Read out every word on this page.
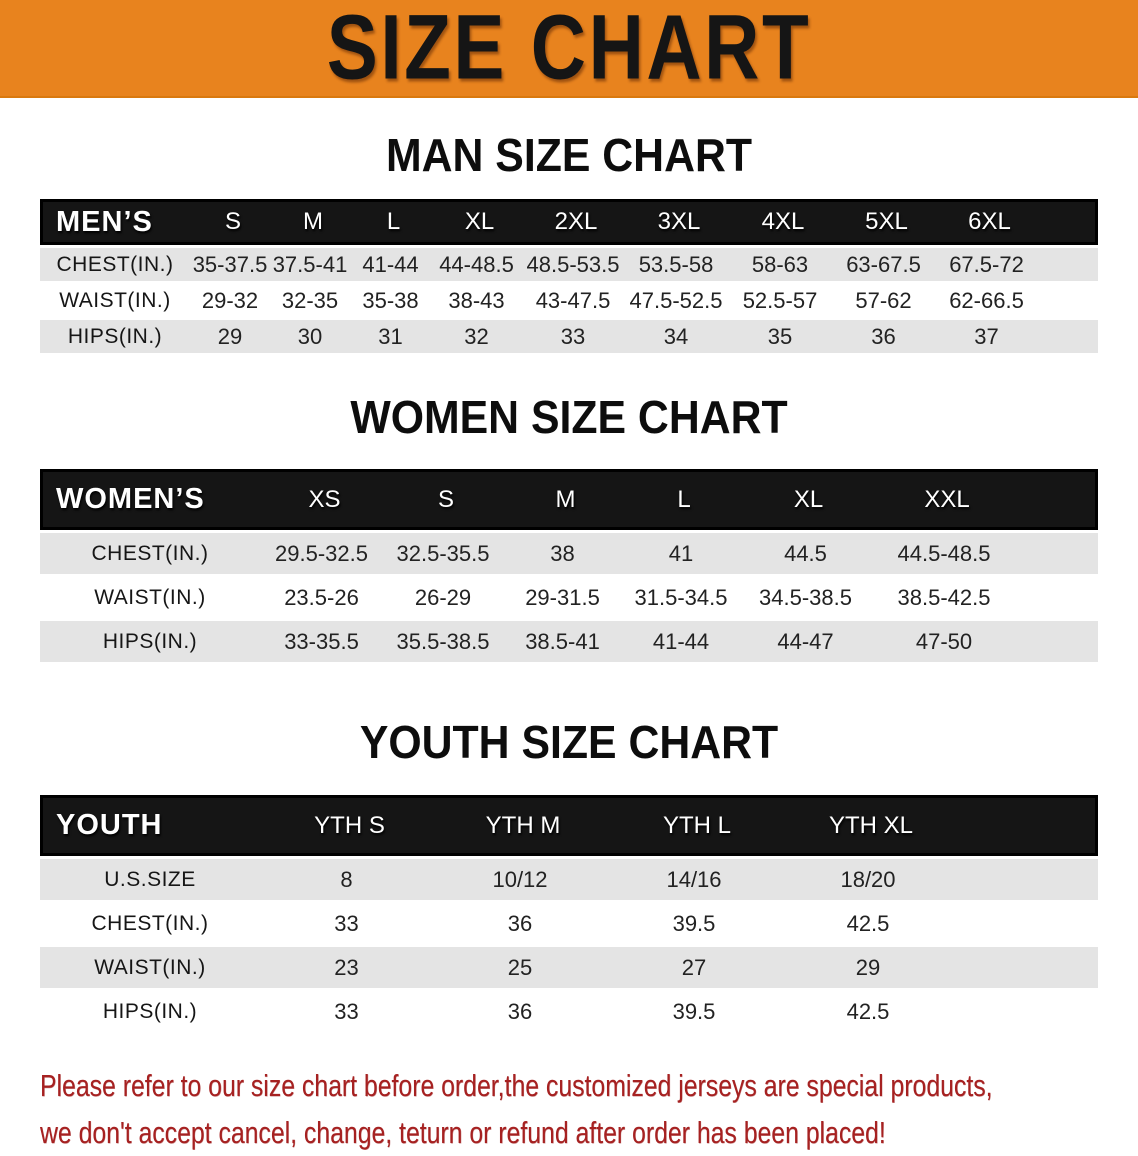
SIZE CHART
MAN SIZE CHART
MEN’S	S	M	L	XL	2XL	3XL	4XL	5XL	6XL
CHEST(IN.) 35-37.5 37.5-41 41-44 44-48.5 48.5-53.5 53.5-58	58-63	63-67.5	67.5-72
WAIST(IN.)	29-32	32-35	35-38	38-43	43-47.5 47.5-52.5 52.5-57	57-62	62-66.5
HIPS(IN.)	29	30	31	32	33	34	35	36	37
WOMEN SIZE CHART
WOMEN’S	XS	S	M	L	XL	XXL
CHEST(IN.)	29.5-32.5	32.5-35.5	38	41	44.5	44.5-48.5
WAIST(IN.)	23.5-26	26-29	29-31.5	31.5-34.5	34.5-38.5	38.5-42.5
HIPS(IN.)	33-35.5	35.5-38.5	38.5-41	41-44	44-47	47-50
YOUTH SIZE CHART
YOUTH	YTH S	YTH M	YTH L	YTH XL
U.S.SIZE	8	10/12	14/16	18/20
CHEST(IN.)	33	36	39.5	42.5
WAIST(IN.)	23	25	27	29
HIPS(IN.)	33	36	39.5	42.5
Please refer to our size chart before order,the customized jerseys are special products,
we don't accept cancel, change, teturn or refund after order has been placed!
